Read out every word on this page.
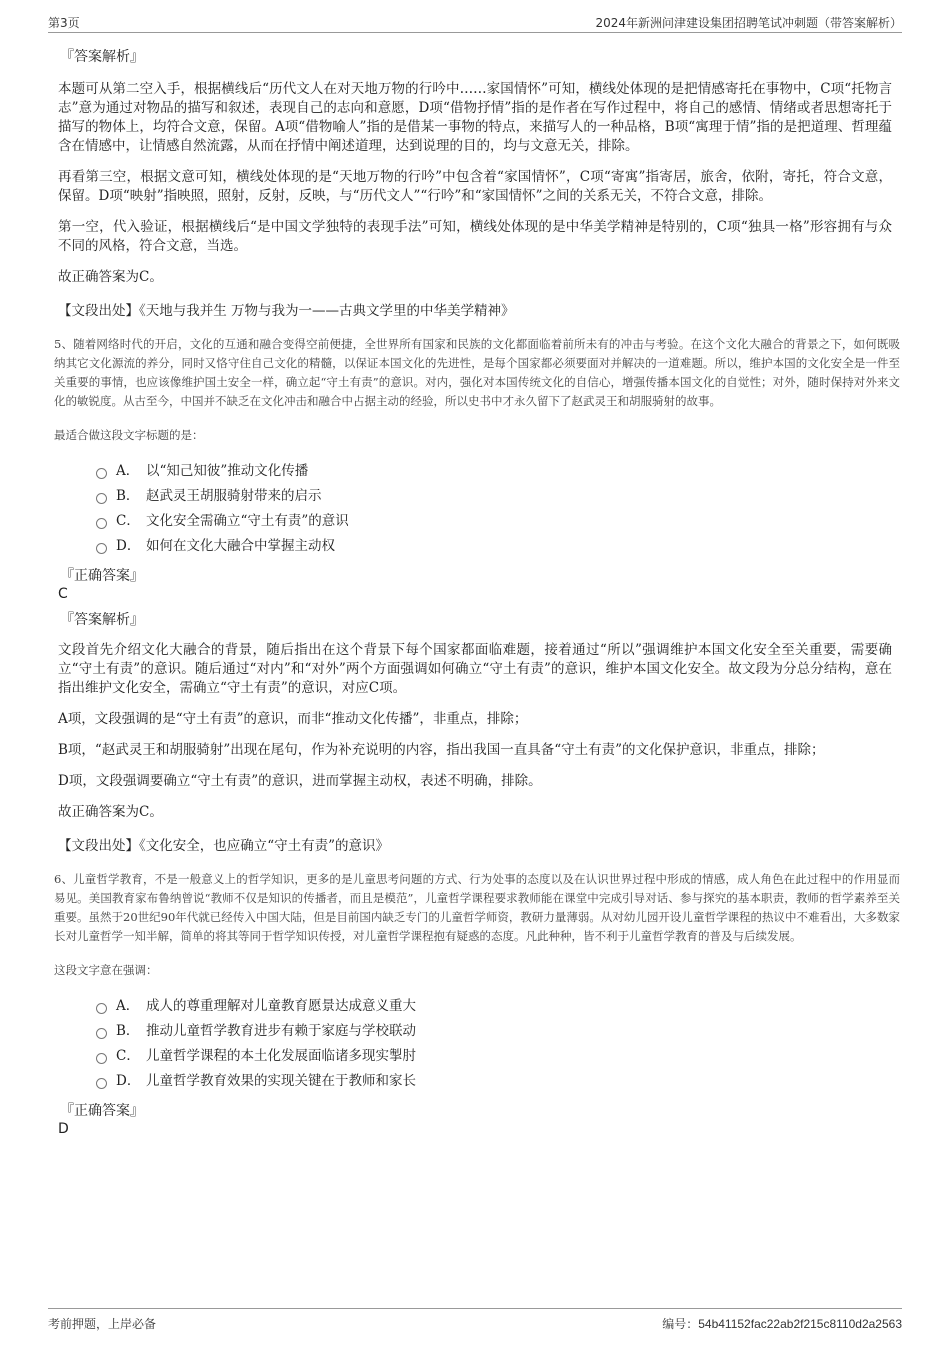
第3页	2024年新洲问津建设集团招聘笔试冲刺题（带答案解析）
『答案解析』

本题可从第二空入手，根据横线后“历代文人在对天地万物的行吟中……家国情怀”可知，横线处体现的是把情感寄托在事物中，C项“托物言志”意为通过对物品的描写和叙述，表现自己的志向和意愿，D项“借物抒情”指的是作者在写作过程中，将自己的感情、情绪或者思想寄托于描写的物体上，均符合文意，保留。A项“借物喻人”指的是借某一事物的特点，来描写人的一种品格，B项“寓理于情”指的是把道理、哲理蕴含在情感中，让情感自然流露，从而在抒情中阐述道理，达到说理的目的，均与文意无关，排除。

再看第三空，根据文意可知，横线处体现的是“天地万物的行吟”中包含着“家国情怀”，C项“寄寓”指寄居，旅舍，依附，寄托，符合文意，保留。D项“映射”指映照，照射，反射，反映，与“历代文人”“行吟”和“家国情怀”之间的关系无关，不符合文意，排除。

第一空，代入验证，根据横线后“是中国文学独特的表现手法”可知，横线处体现的是中华美学精神是特别的，C项“独具一格”形容拥有与众不同的风格，符合文意，当选。

故正确答案为C。

【文段出处】《天地与我并生 万物与我为一——古典文学里的中华美学精神》

5、随着网络时代的开启，文化的互通和融合变得空前便捷，全世界所有国家和民族的文化都面临着前所未有的冲击与考验。在这个文化大融合的背景之下，如何既吸纳其它文化源流的养分，同时又恪守住自己文化的精髓，以保证本国文化的先进性，是每个国家都必须要面对并解决的一道难题。所以，维护本国的文化安全是一件至关重要的事情，也应该像维护国土安全一样，确立起“守土有责”的意识。对内，强化对本国传统文化的自信心，增强传播本国文化的自觉性；对外，随时保持对外来文化的敏锐度。从古至今，中国并不缺乏在文化冲击和融合中占据主动的经验，所以史书中才永久留下了赵武灵王和胡服骑射的故事。

最适合做这段文字标题的是：

A． 以“知己知彼”推动文化传播
B． 赵武灵王胡服骑射带来的启示
C． 文化安全需确立“守土有责”的意识
D． 如何在文化大融合中掌握主动权
『正确答案』
C
『答案解析』

文段首先介绍文化大融合的背景，随后指出在这个背景下每个国家都面临难题，接着通过“所以”强调维护本国文化安全至关重要，需要确立“守土有责”的意识。随后通过“对内”和“对外”两个方面强调如何确立“守土有责”的意识，维护本国文化安全。故文段为分总分结构，意在指出维护文化安全，需确立“守土有责”的意识，对应C项。

A项，文段强调的是“守土有责”的意识，而非“推动文化传播”，非重点，排除；

B项，“赵武灵王和胡服骑射”出现在尾句，作为补充说明的内容，指出我国一直具备“守土有责”的文化保护意识，非重点，排除；

D项，文段强调要确立“守土有责”的意识，进而掌握主动权，表述不明确，排除。

故正确答案为C。

【文段出处】《文化安全，也应确立“守土有责”的意识》

6、儿童哲学教育，不是一般意义上的哲学知识，更多的是儿童思考问题的方式、行为处事的态度以及在认识世界过程中形成的情感，成人角色在此过程中的作用显而易见。美国教育家布鲁纳曾说“教师不仅是知识的传播者，而且是模范”，儿童哲学课程要求教师能在课堂中完成引导对话、参与探究的基本职责，教师的哲学素养至关重要。虽然于20世纪90年代就已经传入中国大陆，但是目前国内缺乏专门的儿童哲学师资，教研力量薄弱。从对幼儿园开设儿童哲学课程的热议中不难看出，大多数家长对儿童哲学一知半解，简单的将其等同于哲学知识传授，对儿童哲学课程抱有疑惑的态度。凡此种种，皆不利于儿童哲学教育的普及与后续发展。

这段文字意在强调：

A． 成人的尊重理解对儿童教育愿景达成意义重大
B． 推动儿童哲学教育进步有赖于家庭与学校联动
C． 儿童哲学课程的本土化发展面临诸多现实掣肘
D． 儿童哲学教育效果的实现关键在于教师和家长
『正确答案』
D
考前押题，上岸必备	编号：54b41152fac22ab2f215c8110d2a2563
